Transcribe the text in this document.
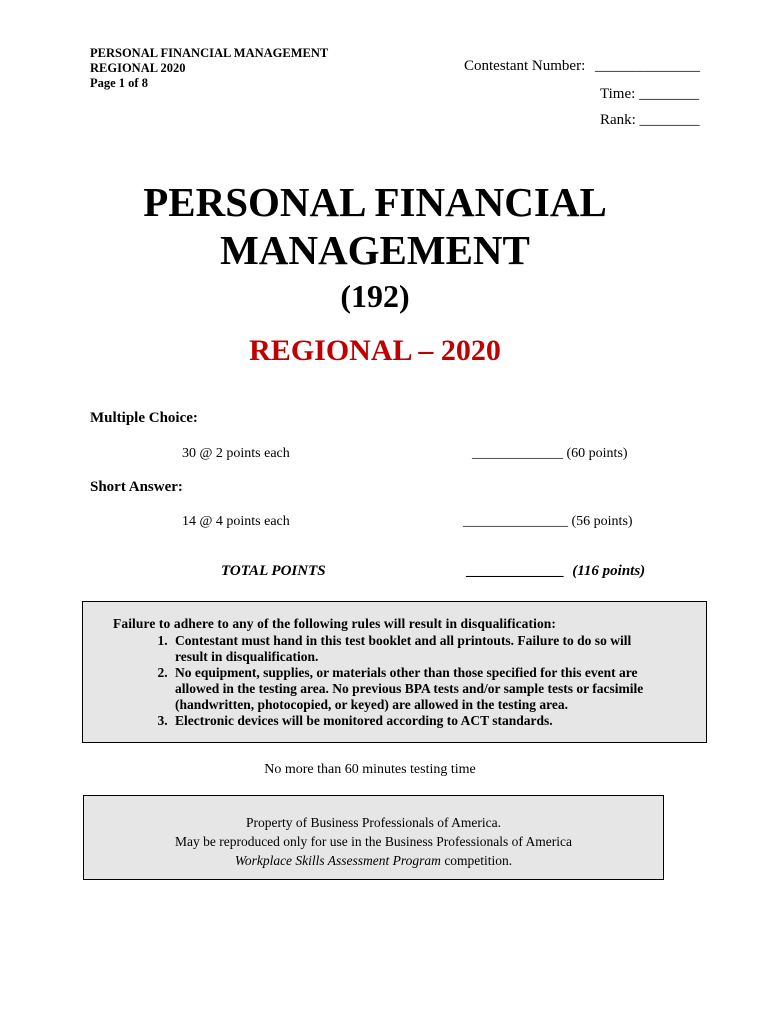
PERSONAL FINANCIAL MANAGEMENT
REGIONAL 2020
Page 1 of 8
Contestant Number: ______________
Time: ________
Rank: ________
PERSONAL FINANCIAL
MANAGEMENT
(192)
REGIONAL – 2020
Multiple Choice:
30 @ 2 points each	_____________ (60 points)
Short Answer:
14 @ 4 points each	_______________ (56 points)
TOTAL POINTS	_____________ (116 points)
Failure to adhere to any of the following rules will result in disqualification:
1. Contestant must hand in this test booklet and all printouts. Failure to do so will result in disqualification.
2. No equipment, supplies, or materials other than those specified for this event are allowed in the testing area. No previous BPA tests and/or sample tests or facsimile (handwritten, photocopied, or keyed) are allowed in the testing area.
3. Electronic devices will be monitored according to ACT standards.
No more than 60 minutes testing time
Property of Business Professionals of America.
May be reproduced only for use in the Business Professionals of America
Workplace Skills Assessment Program competition.
